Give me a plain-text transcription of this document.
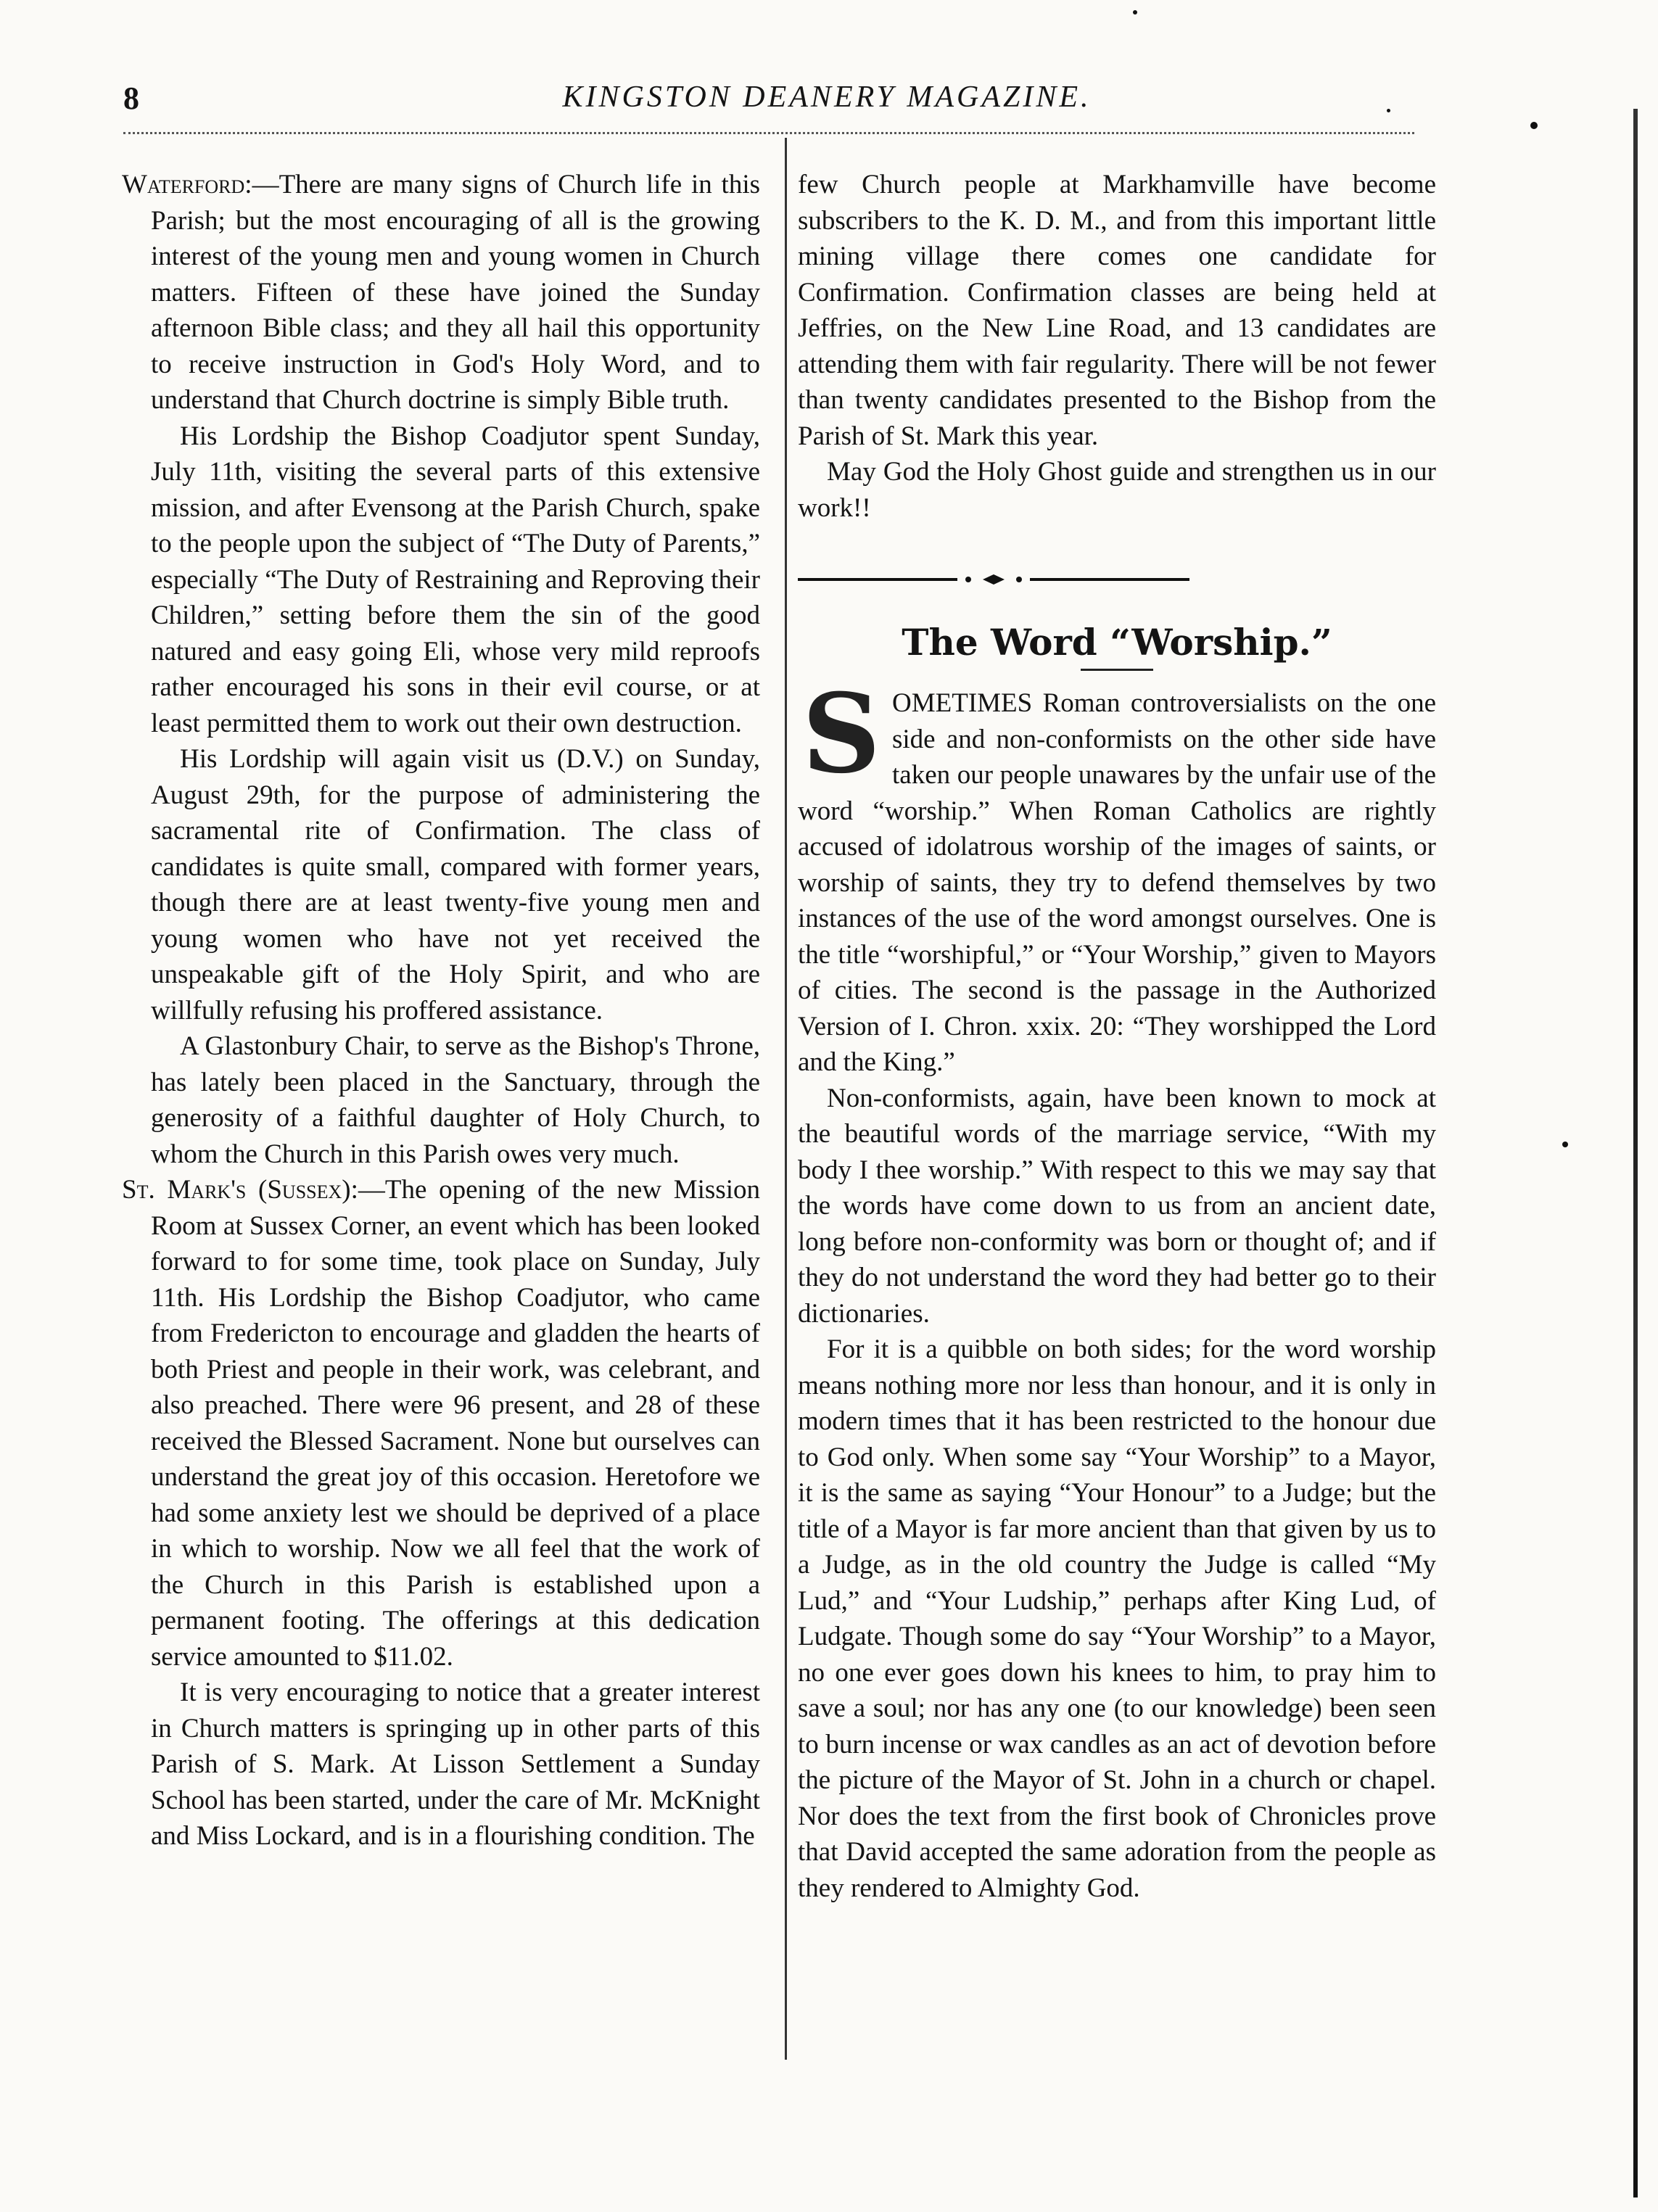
8	KINGSTON DEANERY MAGAZINE.

Waterford:—There are many signs of Church life in this Parish; but the most encouraging of all is the growing interest of the young men and young women in Church matters. Fifteen of these have joined the Sunday afternoon Bible class; and they all hail this opportunity to receive instruction in God's Holy Word, and to understand that Church doctrine is simply Bible truth.

His Lordship the Bishop Coadjutor spent Sunday, July 11th, visiting the several parts of this extensive mission, and after Evensong at the Parish Church, spake to the people upon the subject of “The Duty of Parents,” especially “The Duty of Restraining and Reproving their Children,” setting before them the sin of the good natured and easy going Eli, whose very mild reproofs rather encouraged his sons in their evil course, or at least permitted them to work out their own destruction.

His Lordship will again visit us (D.V.) on Sunday, August 29th, for the purpose of administering the sacramental rite of Confirmation. The class of candidates is quite small, compared with former years, though there are at least twenty-five young men and young women who have not yet received the unspeakable gift of the Holy Spirit, and who are willfully refusing his proffered assistance.

A Glastonbury Chair, to serve as the Bishop's Throne, has lately been placed in the Sanctuary, through the generosity of a faithful daughter of Holy Church, to whom the Church in this Parish owes very much.

St. Mark's (Sussex):—The opening of the new Mission Room at Sussex Corner, an event which has been looked forward to for some time, took place on Sunday, July 11th. His Lordship the Bishop Coadjutor, who came from Fredericton to encourage and gladden the hearts of both Priest and people in their work, was celebrant, and also preached. There were 96 present, and 28 of these received the Blessed Sacrament. None but ourselves can understand the great joy of this occasion. Heretofore we had some anxiety lest we should be deprived of a place in which to worship. Now we all feel that the work of the Church in this Parish is established upon a permanent footing. The offerings at this dedication service amounted to $11.02.

It is very encouraging to notice that a greater interest in Church matters is springing up in other parts of this Parish of S. Mark. At Lisson Settlement a Sunday School has been started, under the care of Mr. McKnight and Miss Lockard, and is in a flourishing condition. The

few Church people at Markhamville have become subscribers to the K. D. M., and from this important little mining village there comes one candidate for Confirmation. Confirmation classes are being held at Jeffries, on the New Line Road, and 13 candidates are attending them with fair regularity. There will be not fewer than twenty candidates presented to the Bishop from the Parish of St. Mark this year.

May God the Holy Ghost guide and strengthen us in our work!!

The Word “Worship.”

SOMETIMES Roman controversialists on the one side and non-conformists on the other side have taken our people unawares by the unfair use of the word “worship.” When Roman Catholics are rightly accused of idolatrous worship of the images of saints, or worship of saints, they try to defend themselves by two instances of the use of the word amongst ourselves. One is the title “worshipful,” or “Your Worship,” given to Mayors of cities. The second is the passage in the Authorized Version of I. Chron. xxix. 20: “They worshipped the Lord and the King.”

Non-conformists, again, have been known to mock at the beautiful words of the marriage service, “With my body I thee worship.” With respect to this we may say that the words have come down to us from an ancient date, long before non-conformity was born or thought of; and if they do not understand the word they had better go to their dictionaries.

For it is a quibble on both sides; for the word worship means nothing more nor less than honour, and it is only in modern times that it has been restricted to the honour due to God only. When some say “Your Worship” to a Mayor, it is the same as saying “Your Honour” to a Judge; but the title of a Mayor is far more ancient than that given by us to a Judge, as in the old country the Judge is called “My Lud,” and “Your Ludship,” perhaps after King Lud, of Ludgate. Though some do say “Your Worship” to a Mayor, no one ever goes down his knees to him, to pray him to save a soul; nor has any one (to our knowledge) been seen to burn incense or wax candles as an act of devotion before the picture of the Mayor of St. John in a church or chapel. Nor does the text from the first book of Chronicles prove that David accepted the same adoration from the people as they rendered to Almighty God.
